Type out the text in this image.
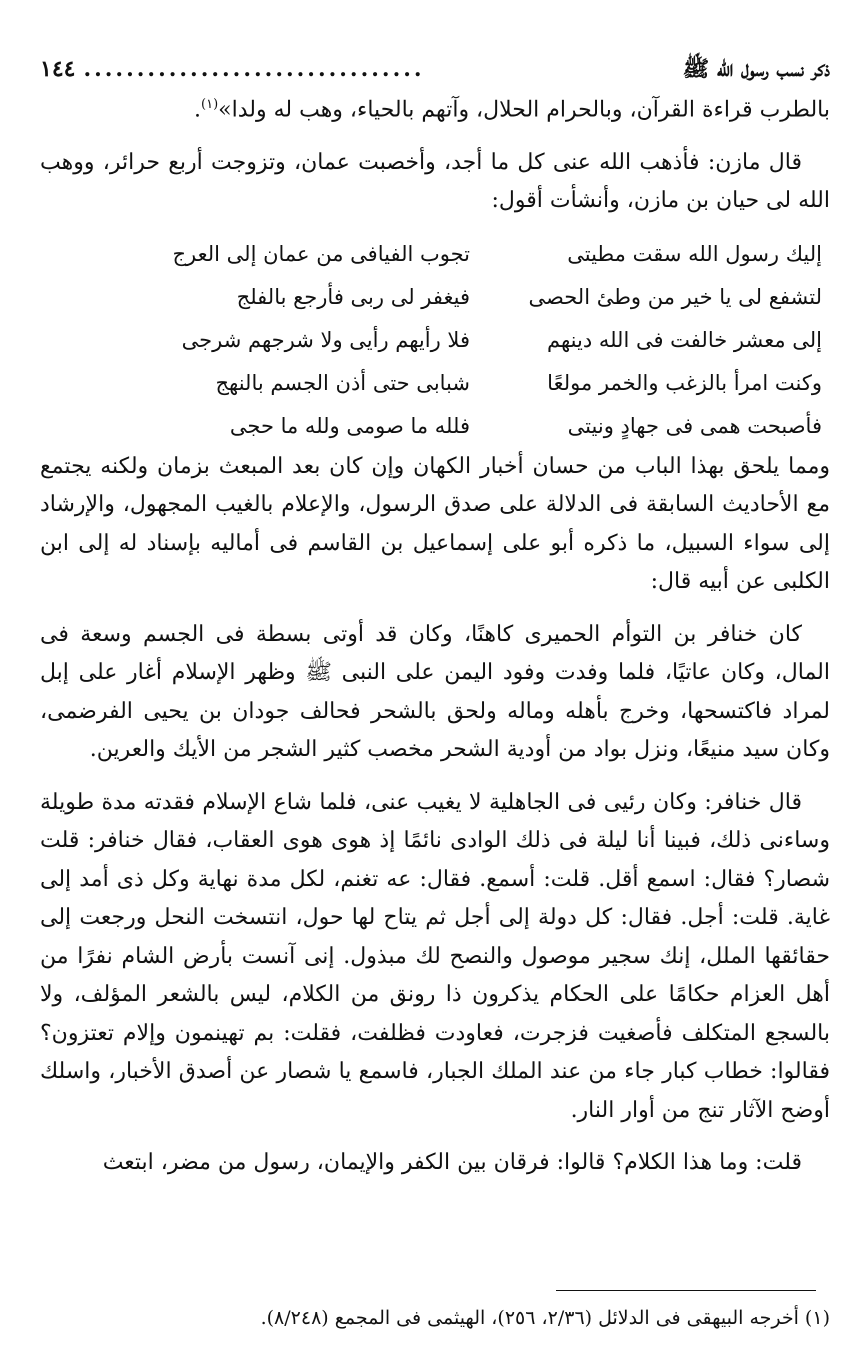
ذكر نسب رسول الله ﷺ
................................
١٤٤

بالطرب قراءة القرآن، وبالحرام الحلال، وآتهم بالحياء، وهب له ولدا»$^{(١)}$.

قال مازن: فأذهب الله عنى كل ما أجد، وأخصبت عمان، وتزوجت أربع حرائر، ووهب الله لى حيان بن مازن، وأنشأت أقول:

إليك رسول الله سقت مطيتى
تجوب الفيافى من عمان إلى العرج
لتشفع لى يا خير من وطئ الحصى
فيغفر لى ربى فأرجع بالفلج
إلى معشر خالفت فى الله دينهم
فلا رأيهم رأيى ولا شرجهم شرجى
وكنت امرأ بالزغب والخمر مولعًا
شبابى حتى أذن الجسم بالنهج
فأصبحت همى فى جهادٍ ونيتى
فلله ما صومى ولله ما حجى

ومما يلحق بهذا الباب من حسان أخبار الكهان وإن كان بعد المبعث بزمان ولكنه يجتمع مع الأحاديث السابقة فى الدلالة على صدق الرسول، والإعلام بالغيب المجهول، والإرشاد إلى سواء السبيل، ما ذكره أبو على إسماعيل بن القاسم فى أماليه بإسناد له إلى ابن الكلبى عن أبيه قال:

كان خنافر بن التوأم الحميرى كاهنًا، وكان قد أوتى بسطة فى الجسم وسعة فى المال، وكان عاتيًا، فلما وفدت وفود اليمن على النبى ﷺ وظهر الإسلام أغار على إبل لمراد فاكتسحها، وخرج بأهله وماله ولحق بالشحر فحالف جودان بن يحيى الفرضمى، وكان سيد منيعًا، ونزل بواد من أودية الشحر مخصب كثير الشجر من الأيك والعرين.

قال خنافر: وكان رئيى فى الجاهلية لا يغيب عنى، فلما شاع الإسلام فقدته مدة طويلة وساءنى ذلك، فبينا أنا ليلة فى ذلك الوادى نائمًا إذ هوى هوى العقاب، فقال خنافر: قلت شصار؟ فقال: اسمع أقل. قلت: أسمع. فقال: عه تغنم، لكل مدة نهاية وكل ذى أمد إلى غاية. قلت: أجل. فقال: كل دولة إلى أجل ثم يتاح لها حول، انتسخت النحل ورجعت إلى حقائقها الملل، إنك سجير موصول والنصح لك مبذول. إنى آنست بأرض الشام نفرًا من أهل العزام حكامًا على الحكام يذكرون ذا رونق من الكلام، ليس بالشعر المؤلف، ولا بالسجع المتكلف فأصغيت فزجرت، فعاودت فظلفت، فقلت: بم تهينمون وإلام تعتزون؟ فقالوا: خطاب كبار جاء من عند الملك الجبار، فاسمع يا شصار عن أصدق الأخبار، واسلك أوضح الآثار تنج من أوار النار.

قلت: وما هذا الكلام؟ قالوا: فرقان بين الكفر والإيمان، رسول من مضر، ابتعث

(١) أخرجه البيهقى فى الدلائل (٢/٣٦، ٢٥٦)، الهيثمى فى المجمع (٨/٢٤٨).
